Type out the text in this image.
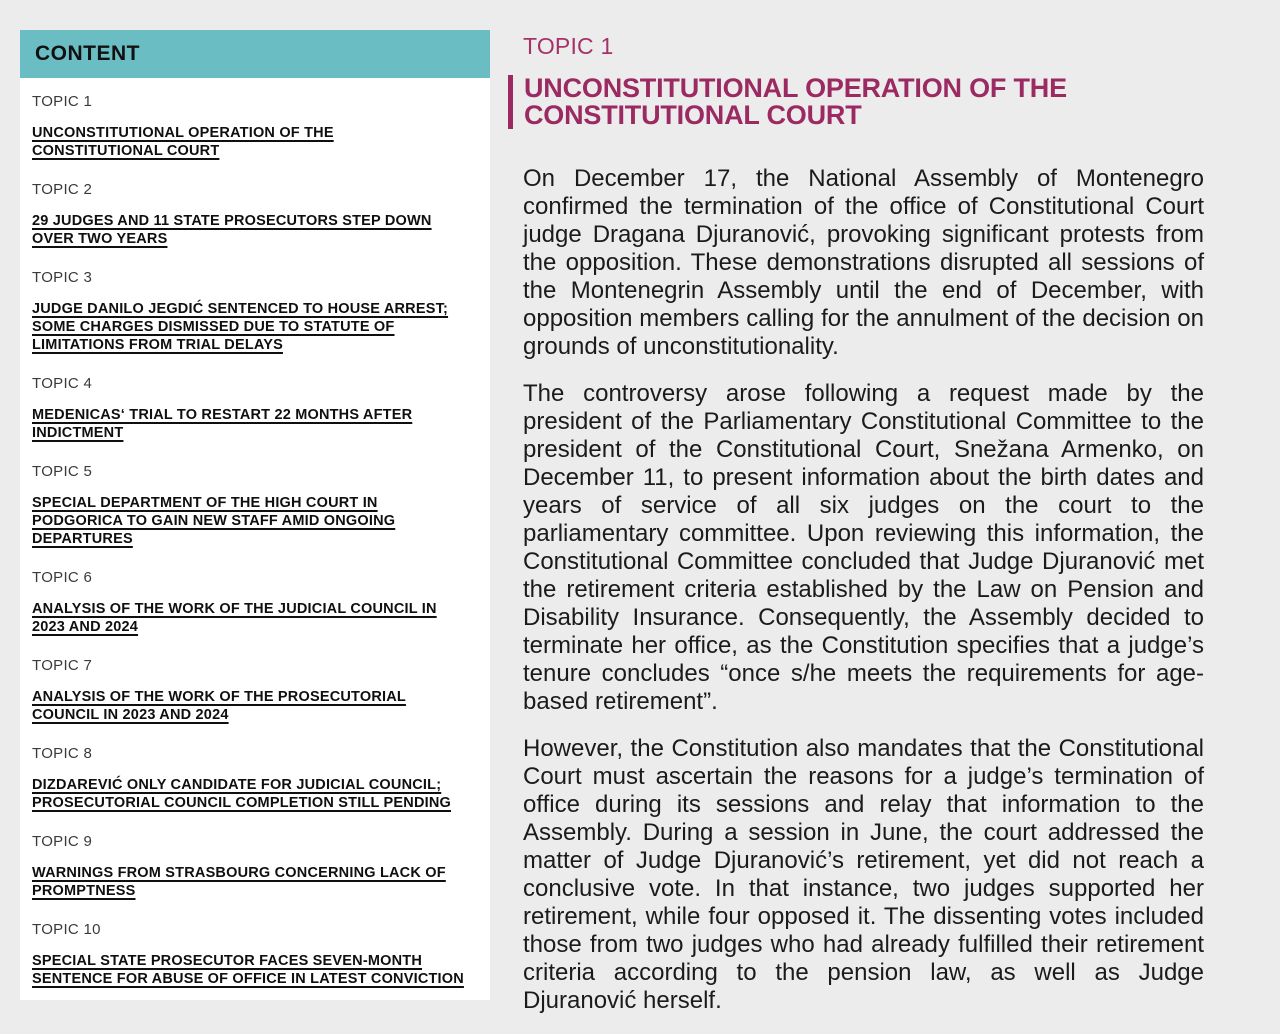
CONTENT
TOPIC 1
UNCONSTITUTIONAL OPERATION OF THE CONSTITUTIONAL COURT
TOPIC 2
29 JUDGES AND 11 STATE PROSECUTORS STEP DOWN OVER TWO YEARS
TOPIC 3
JUDGE DANILO JEGDIĆ SENTENCED TO HOUSE ARREST; SOME CHARGES DISMISSED DUE TO STATUTE OF LIMITATIONS FROM TRIAL DELAYS
TOPIC 4
MEDENICAS‘ TRIAL TO RESTART 22 MONTHS AFTER INDICTMENT
TOPIC 5
SPECIAL DEPARTMENT OF THE HIGH COURT IN PODGORICA TO GAIN NEW STAFF AMID ONGOING DEPARTURES
TOPIC 6
ANALYSIS OF THE WORK OF THE JUDICIAL COUNCIL IN 2023 AND 2024
TOPIC 7
ANALYSIS OF THE WORK OF THE PROSECUTORIAL COUNCIL IN 2023 AND 2024
TOPIC 8
DIZDAREVIĆ ONLY CANDIDATE FOR JUDICIAL COUNCIL; PROSECUTORIAL COUNCIL COMPLETION STILL PENDING
TOPIC 9
WARNINGS FROM STRASBOURG CONCERNING LACK OF PROMPTNESS
TOPIC 10
SPECIAL STATE PROSECUTOR FACES SEVEN-MONTH SENTENCE FOR ABUSE OF OFFICE IN LATEST CONVICTION
TOPIC 1
UNCONSTITUTIONAL OPERATION OF THE CONSTITUTIONAL COURT

On December 17, the National Assembly of Montenegro confirmed the termination of the office of Constitutional Court judge Dragana Djuranović, provoking significant protests from the opposition. These demonstrations disrupted all sessions of the Montenegrin Assembly until the end of December, with opposition members calling for the annulment of the decision on grounds of unconstitutionality.

The controversy arose following a request made by the president of the Parliamentary Constitutional Committee to the president of the Constitutional Court, Snežana Armenko, on December 11, to present information about the birth dates and years of service of all six judges on the court to the parliamentary committee. Upon reviewing this information, the Constitutional Committee concluded that Judge Djuranović met the retirement criteria established by the Law on Pension and Disability Insurance. Consequently, the Assembly decided to terminate her office, as the Constitution specifies that a judge’s tenure concludes “once s/he meets the requirements for age-based retirement”.

However, the Constitution also mandates that the Constitutional Court must ascertain the reasons for a judge’s termination of office during its sessions and relay that information to the Assembly. During a session in June, the court addressed the matter of Judge Djuranović’s retirement, yet did not reach a conclusive vote. In that instance, two judges supported her retirement, while four opposed it. The dissenting votes included those from two judges who had already fulfilled their retirement criteria according to the pension law, as well as Judge Djuranović herself.
